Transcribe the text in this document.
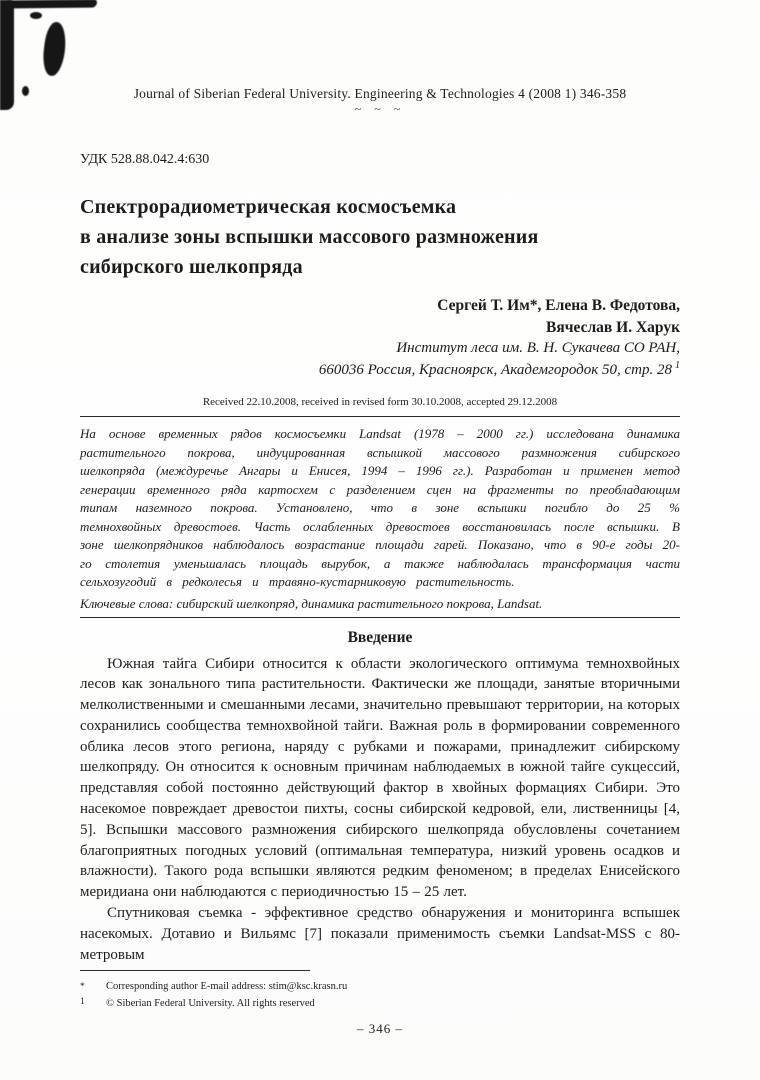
Journal of Siberian Federal University. Engineering & Technologies 4 (2008 1) 346-358
~ ~ ~
УДК 528.88.042.4:630
Спектрорадиометрическая космосъемка
в анализе зоны вспышки массового размножения
сибирского шелкопряда
Сергей Т. Им*, Елена В. Федотова,
Вячеслав И. Харук
Институт леса им. В. Н. Сукачева СО РАН,
660036 Россия, Красноярск, Академгородок 50, стр. 28 $^1$
Received 22.10.2008, received in revised form 30.10.2008, accepted 29.12.2008
На основе временных рядов космосъемки Landsat (1978 – 2000 гг.) исследована динамика растительного покрова, индуцированная вспышкой массового размножения сибирского шелкопряда (междуречье Ангары и Енисея, 1994 – 1996 гг.). Разработан и применен метод генерации временного ряда картосхем с разделением сцен на фрагменты по преобладающим типам наземного покрова. Установлено, что в зоне вспышки погибло до 25 % темнохвойных древостоев. Часть ослабленных древостоев восстановилась после вспышки. В зоне шелкопрядников наблюдалось возрастание площади гарей. Показано, что в 90-е годы 20-го столетия уменьшалась площадь вырубок, а также наблюдалась трансформация части сельхозугодий в редколесья и травяно-кустарниковую растительность.
Ключевые слова: сибирский шелкопряд, динамика растительного покрова, Landsat.
Введение

Южная тайга Сибири относится к области экологического оптимума темнохвойных лесов как зонального типа растительности. Фактически же площади, занятые вторичными мелколиственными и смешанными лесами, значительно превышают территории, на которых сохранились сообщества темнохвойной тайги. Важная роль в формировании современного облика лесов этого региона, наряду с рубками и пожарами, принадлежит сибирскому шелкопряду. Он относится к основным причинам наблюдаемых в южной тайге сукцессий, представляя собой постоянно действующий фактор в хвойных формациях Сибири. Это насекомое повреждает древостои пихты, сосны сибирской кедровой, ели, лиственницы [4, 5]. Вспышки массового размножения сибирского шелкопряда обусловлены сочетанием благоприятных погодных условий (оптимальная температура, низкий уровень осадков и влажности). Такого рода вспышки являются редким феноменом; в пределах Енисейского меридиана они наблюдаются с периодичностью 15 – 25 лет.

Спутниковая съемка - эффективное средство обнаружения и мониторинга вспышек насекомых. Дотавио и Вильямс [7] показали применимость съемки Landsat-MSS с 80-метровым

*	Corresponding author E-mail address: stim@ksc.krasn.ru
1	© Siberian Federal University. All rights reserved
– 346 –
